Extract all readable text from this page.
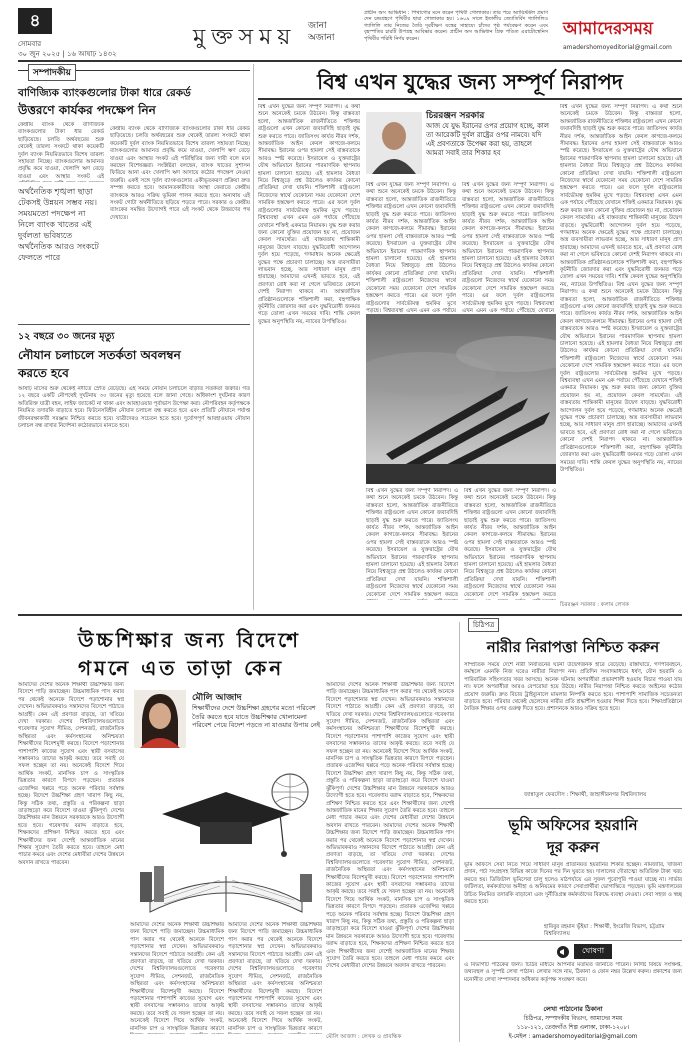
৪
সোমবার
৩০ জুন ২০২৫ | ১৬ আষাঢ় ১৪৩২
মুক্তসময় জানা
অজানা
প্রাচীন অস আভিধান : পিথাগোর মনে করেন পৃথিবী গোলাকার। তার পরে অ্যারিস্টটল প্রমাণ দেন চন্দ্রগ্রহণে পৃথিবীর ছায়া গোলাকার হয়। ১৬০৯ সালে ইতালীয় জ্যোতির্বিদ গ্যালিলিও গ্যালিলি তার নিজের তৈরি দূরবীক্ষণ যন্ত্রের সাহায্যে চাঁদের পৃষ্ঠ পর্যবেক্ষণ করেন এবং বৃহস্পতির চারটি উপগ্রহ আবিষ্কার করেন। প্রাচীন অস আভিধান গ্রিক পণ্ডিত এরাটোস্থেনিস পৃথিবীর পরিধি নির্ণয় করেন।	আমাদেরসময়
amadershomoyeditorial@gmail.com
সম্পাদকীয়
বাণিজ্যিক ব্যাংকগুলোর টাকা ধারে রেকর্ড
উত্তরণে কার্যকর পদক্ষেপ নিন
অর্থনৈতিক শৃঙ্খলা ছাড়া টেকসই উন্নয়ন সম্ভব নয়। সময়মতো পদক্ষেপ না নিলে ব্যাংক খাতের এই দুর্বলতা ভবিষ্যতে অর্থনৈতিক আরও সংকটে ফেলতে পারে
কেন্দ্রীয় ব্যাংক থেকে বাণিজ্যিক ব্যাংকগুলোর টাকা ধার রেকর্ড ছাড়িয়েছে। চলতি অর্থবছরের শুরু থেকেই তারল্য সংকটে থাকা কয়েকটি দুর্বল ব্যাংক নিয়মিতভাবে বিশেষ তারল্য সহায়তা নিচ্ছে। ব্যাংকগুলোর আমানত প্রবৃদ্ধি কমে যাওয়া, খেলাপি ঋণ বেড়ে যাওয়া এবং আস্থার সংকট এই পরিস্থিতির জন্য দায়ী বলে মনে করছেন বিশেষজ্ঞরা। সংশ্লিষ্টরা বলছেন, ব্যাংক খাতের সুশাসন ফিরিয়ে আনা এবং খেলাপি ঋণ আদায়ে কঠোর পদক্ষেপ নেওয়া জরুরি। একই সঙ্গে দুর্বল ব্যাংকগুলোর একীভূতকরণ প্রক্রিয়া দ্রুত সম্পন্ন করতে হবে। আমানতকারীদের আস্থা ফেরাতে কেন্দ্রীয় ব্যাংককে আরও সক্রিয় ভূমিকা পালন করতে হবে। অন্যথায় এই সংকট গোটা অর্থনীতিতে ছড়িয়ে পড়তে পারে। সরকার ও কেন্দ্রীয় ব্যাংকের সমন্বিত উদ্যোগই পারে এই সংকট থেকে উত্তরণের পথ দেখাতে।
কেন্দ্রীয় ব্যাংক থেকে বাণিজ্যিক ব্যাংকগুলোর টাকা ধার রেকর্ড ছাড়িয়েছে। চলতি অর্থবছরের শুরু থেকেই তারল্য সংকটে থাকা কয়েকটি দুর্বল ব্যাংক নিয়মিতভাবে বিশেষ তারল্য সহায়তা নিচ্ছে। ব্যাংকগুলোর আমানত প্রবৃদ্ধি কমে যাওয়া, খেলাপি ঋণ বেড়ে যাওয়া এবং আস্থার সংকট এই
১২ বছরে ৩০ জনের মৃত্যু
নৌযান চলাচলে সতর্কতা অবলম্বন করতে হবে
আষাঢ় মাসের শুরু থেকেই নদীতে স্রোত বেড়েছে। এই সময়ে নৌযান চলাচলে বাড়তি সতর্কতা জরুরি। গত ১২ বছরে একটি নৌপথেই দুর্ঘটনায় ৩০ জনের মৃত্যু হয়েছে বলে জানা গেছে। অধিকাংশ দুর্ঘটনার কারণ অতিরিক্ত যাত্রী বহন, লাইফ জ্যাকেট না থাকা এবং আবহাওয়ার পূর্বাভাস উপেক্ষা করা। নৌপরিবহন কর্তৃপক্ষকে নিয়মিত তদারকি বাড়াতে হবে। ফিটনেসবিহীন নৌযান চলাচল বন্ধ করতে হবে এবং প্রতিটি নৌযানে পর্যাপ্ত জীবনরক্ষাকারী সরঞ্জাম নিশ্চিত করতে হবে। যাত্রীদেরও সচেতন হতে হবে। দুর্যোগপূর্ণ আবহাওয়ায় নৌযান চলাচল বন্ধ রাখার নির্দেশনা কঠোরভাবে মানতে হবে।
বিশ্ব এখন যুদ্ধের জন্য সম্পূর্ণ নিরাপদ
বিশ্ব এখন যুদ্ধের জন্য সম্পূর্ণ নিরাপদ। এ কথা শুনে অনেকেই চমকে উঠবেন। কিন্তু বাস্তবতা হলো, আন্তর্জাতিক রাজনীতিতে শক্তিধর রাষ্ট্রগুলো এখন কোনো জবাবদিহি ছাড়াই যুদ্ধ শুরু করতে পারে। জাতিসংঘ কার্যত নীরব দর্শক, আন্তর্জাতিক আইন কেবল কাগজে-কলমে সীমাবদ্ধ। ইরানের ওপর হামলা সেই বাস্তবতাকে আরও স্পষ্ট করেছে। ইসরায়েল ও যুক্তরাষ্ট্রের যৌথ অভিযানে ইরানের পারমাণবিক স্থাপনায় হামলা চালানো হয়েছে। এই হামলার বৈধতা নিয়ে বিশ্বজুড়ে প্রশ্ন উঠলেও কার্যকর কোনো প্রতিক্রিয়া দেখা যায়নি। শক্তিশালী রাষ্ট্রগুলো নিজেদের স্বার্থে যেকোনো সময় যেকোনো দেশে সামরিক হস্তক্ষেপ করতে পারে। এর ফলে দুর্বল রাষ্ট্রগুলোর সার্বভৌমত্ব হুমকির মুখে পড়ছে। বিশ্বব্যবস্থা এখন এমন এক পর্যায়ে পৌঁছেছে যেখানে শক্তিই একমাত্র নিয়ামক। যুদ্ধ শুরু করার জন্য কোনো যুক্তির প্রয়োজন হয় না, প্রয়োজন কেবল সামর্থ্যের। এই বাস্তবতায় শান্তিকামী মানুষের উদ্বেগ বাড়ছে। যুদ্ধবিরোধী আন্দোলন দুর্বল হয়ে পড়েছে, গণমাধ্যম অনেক ক্ষেত্রেই যুদ্ধের পক্ষে প্রচারণা চালাচ্ছে। অস্ত্র ব্যবসায়ীরা লাভবান হচ্ছে, আর সাধারণ মানুষ প্রাণ হারাচ্ছে। আমাদের এখনই ভাবতে হবে, এই প্রবণতা রোধ করা না গেলে ভবিষ্যতে কোনো দেশই নিরাপদ থাকবে না। আন্তর্জাতিক প্রতিষ্ঠানগুলোকে শক্তিশালী করা, বহুপাক্ষিক কূটনীতি জোরদার করা এবং যুদ্ধবিরোধী জনমত গড়ে তোলা এখন সময়ের দাবি। শান্তি কেবল যুদ্ধের অনুপস্থিতি নয়, ন্যায়ের উপস্থিতিও।
চিররঞ্জন সরকার
আজ যে যুদ্ধ ইরানের ওপর প্রয়োগ হচ্ছে, কাল তা আরেকটি দুর্বল রাষ্ট্রের ওপর নামবে। যদি এই প্রবণতাকে উপেক্ষা করা হয়, তাহলে আমরা সবাই তার শিকার হব
বিশ্ব এখন যুদ্ধের জন্য সম্পূর্ণ নিরাপদ। এ কথা শুনে অনেকেই চমকে উঠবেন। কিন্তু বাস্তবতা হলো, আন্তর্জাতিক রাজনীতিতে শক্তিধর রাষ্ট্রগুলো এখন কোনো জবাবদিহি ছাড়াই যুদ্ধ শুরু করতে পারে। জাতিসংঘ কার্যত নীরব দর্শক, আন্তর্জাতিক আইন কেবল কাগজে-কলমে সীমাবদ্ধ। ইরানের ওপর হামলা সেই বাস্তবতাকে আরও স্পষ্ট করেছে। ইসরায়েল ও যুক্তরাষ্ট্রের যৌথ অভিযানে ইরানের পারমাণবিক স্থাপনায় হামলা চালানো হয়েছে। এই হামলার বৈধতা নিয়ে বিশ্বজুড়ে প্রশ্ন উঠলেও কার্যকর কোনো প্রতিক্রিয়া দেখা যায়নি। শক্তিশালী রাষ্ট্রগুলো নিজেদের স্বার্থে যেকোনো সময় যেকোনো দেশে সামরিক হস্তক্ষেপ করতে পারে। এর ফলে দুর্বল রাষ্ট্রগুলোর সার্বভৌমত্ব হুমকির মুখে পড়ছে। বিশ্বব্যবস্থা এখন এমন এক পর্যায়ে
বিশ্ব এখন যুদ্ধের জন্য সম্পূর্ণ নিরাপদ। এ কথা শুনে অনেকেই চমকে উঠবেন। কিন্তু বাস্তবতা হলো, আন্তর্জাতিক রাজনীতিতে শক্তিধর রাষ্ট্রগুলো এখন কোনো জবাবদিহি ছাড়াই যুদ্ধ শুরু করতে পারে। জাতিসংঘ কার্যত নীরব দর্শক, আন্তর্জাতিক আইন কেবল কাগজে-কলমে সীমাবদ্ধ। ইরানের ওপর হামলা সেই বাস্তবতাকে আরও স্পষ্ট করেছে। ইসরায়েল ও যুক্তরাষ্ট্রের যৌথ অভিযানে ইরানের পারমাণবিক স্থাপনায় হামলা চালানো হয়েছে। এই হামলার বৈধতা নিয়ে বিশ্বজুড়ে প্রশ্ন উঠলেও কার্যকর কোনো প্রতিক্রিয়া দেখা যায়নি। শক্তিশালী রাষ্ট্রগুলো নিজেদের স্বার্থে যেকোনো সময় যেকোনো দেশে সামরিক হস্তক্ষেপ করতে পারে। এর ফলে দুর্বল রাষ্ট্রগুলোর সার্বভৌমত্ব হুমকির মুখে পড়ছে। বিশ্বব্যবস্থা এখন এমন এক পর্যায়ে পৌঁছেছে যেখানে
বিশ্ব এখন যুদ্ধের জন্য সম্পূর্ণ নিরাপদ। এ কথা শুনে অনেকেই চমকে উঠবেন। কিন্তু বাস্তবতা হলো, আন্তর্জাতিক রাজনীতিতে শক্তিধর রাষ্ট্রগুলো এখন কোনো জবাবদিহি ছাড়াই যুদ্ধ শুরু করতে পারে। জাতিসংঘ কার্যত নীরব দর্শক, আন্তর্জাতিক আইন কেবল কাগজে-কলমে সীমাবদ্ধ। ইরানের ওপর হামলা সেই বাস্তবতাকে আরও স্পষ্ট করেছে। ইসরায়েল ও যুক্তরাষ্ট্রের যৌথ অভিযানে ইরানের পারমাণবিক স্থাপনায় হামলা চালানো হয়েছে। এই হামলার বৈধতা নিয়ে বিশ্বজুড়ে প্রশ্ন উঠলেও কার্যকর কোনো প্রতিক্রিয়া দেখা যায়নি। শক্তিশালী রাষ্ট্রগুলো নিজেদের স্বার্থে যেকোনো সময় যেকোনো দেশে সামরিক হস্তক্ষেপ করতে পারে। এর ফলে দুর্বল রাষ্ট্রগুলোর সার্বভৌমত্ব হুমকির মুখে পড়ছে। বিশ্বব্যবস্থা এখন এমন এক পর্যায়ে পৌঁছেছে যেখানে শক্তিই একমাত্র নিয়ামক। যুদ্ধ শুরু করার জন্য কোনো যুক্তির প্রয়োজন হয় না, প্রয়োজন কেবল সামর্থ্যের। এই বাস্তবতায় শান্তিকামী মানুষের উদ্বেগ বাড়ছে। যুদ্ধবিরোধী আন্দোলন দুর্বল হয়ে পড়েছে, গণমাধ্যম অনেক ক্ষেত্রেই যুদ্ধের পক্ষে প্রচারণা চালাচ্ছে। অস্ত্র ব্যবসায়ীরা লাভবান হচ্ছে, আর সাধারণ মানুষ প্রাণ হারাচ্ছে। আমাদের এখনই ভাবতে হবে, এই প্রবণতা রোধ করা না গেলে ভবিষ্যতে কোনো দেশই নিরাপদ থাকবে না। আন্তর্জাতিক প্রতিষ্ঠানগুলোকে শক্তিশালী করা, বহুপাক্ষিক কূটনীতি জোরদার করা এবং যুদ্ধবিরোধী জনমত গড়ে তোলা এখন সময়ের দাবি। শান্তি কেবল যুদ্ধের অনুপস্থিতি নয়, ন্যায়ের উপস্থিতিও। বিশ্ব এখন যুদ্ধের জন্য সম্পূর্ণ নিরাপদ। এ কথা শুনে অনেকেই চমকে উঠবেন। কিন্তু বাস্তবতা হলো, আন্তর্জাতিক রাজনীতিতে শক্তিধর রাষ্ট্রগুলো এখন কোনো জবাবদিহি ছাড়াই যুদ্ধ শুরু করতে পারে। জাতিসংঘ কার্যত নীরব দর্শক, আন্তর্জাতিক আইন কেবল কাগজে-কলমে সীমাবদ্ধ। ইরানের ওপর হামলা সেই বাস্তবতাকে আরও স্পষ্ট করেছে। ইসরায়েল ও যুক্তরাষ্ট্রের যৌথ অভিযানে ইরানের পারমাণবিক স্থাপনায় হামলা চালানো হয়েছে। এই হামলার বৈধতা নিয়ে বিশ্বজুড়ে প্রশ্ন উঠলেও কার্যকর কোনো প্রতিক্রিয়া দেখা যায়নি। শক্তিশালী রাষ্ট্রগুলো নিজেদের স্বার্থে যেকোনো সময় যেকোনো দেশে সামরিক হস্তক্ষেপ করতে পারে। এর ফলে দুর্বল রাষ্ট্রগুলোর সার্বভৌমত্ব হুমকির মুখে পড়ছে। বিশ্বব্যবস্থা এখন এমন এক পর্যায়ে পৌঁছেছে যেখানে শক্তিই একমাত্র নিয়ামক। যুদ্ধ শুরু করার জন্য কোনো যুক্তির প্রয়োজন হয় না, প্রয়োজন কেবল সামর্থ্যের। এই বাস্তবতায় শান্তিকামী মানুষের উদ্বেগ বাড়ছে। যুদ্ধবিরোধী আন্দোলন দুর্বল হয়ে পড়েছে, গণমাধ্যম অনেক ক্ষেত্রেই যুদ্ধের পক্ষে প্রচারণা চালাচ্ছে। অস্ত্র ব্যবসায়ীরা লাভবান হচ্ছে, আর সাধারণ মানুষ প্রাণ হারাচ্ছে। আমাদের এখনই ভাবতে হবে, এই প্রবণতা রোধ করা না গেলে ভবিষ্যতে কোনো দেশই নিরাপদ থাকবে না। আন্তর্জাতিক প্রতিষ্ঠানগুলোকে শক্তিশালী করা, বহুপাক্ষিক কূটনীতি জোরদার করা এবং যুদ্ধবিরোধী জনমত গড়ে তোলা এখন সময়ের দাবি। শান্তি কেবল যুদ্ধের অনুপস্থিতি নয়, ন্যায়ের উপস্থিতিও।
বিশ্ব এখন যুদ্ধের জন্য সম্পূর্ণ নিরাপদ। এ কথা শুনে অনেকেই চমকে উঠবেন। কিন্তু বাস্তবতা হলো, আন্তর্জাতিক রাজনীতিতে শক্তিধর রাষ্ট্রগুলো এখন কোনো জবাবদিহি ছাড়াই যুদ্ধ শুরু করতে পারে। জাতিসংঘ কার্যত নীরব দর্শক, আন্তর্জাতিক আইন কেবল কাগজে-কলমে সীমাবদ্ধ। ইরানের ওপর হামলা সেই বাস্তবতাকে আরও স্পষ্ট করেছে। ইসরায়েল ও যুক্তরাষ্ট্রের যৌথ অভিযানে ইরানের পারমাণবিক স্থাপনায় হামলা চালানো হয়েছে। এই হামলার বৈধতা নিয়ে বিশ্বজুড়ে প্রশ্ন উঠলেও কার্যকর কোনো প্রতিক্রিয়া দেখা যায়নি। শক্তিশালী রাষ্ট্রগুলো নিজেদের স্বার্থে যেকোনো সময় যেকোনো দেশে সামরিক হস্তক্ষেপ করতে
বিশ্ব এখন যুদ্ধের জন্য সম্পূর্ণ নিরাপদ। এ কথা শুনে অনেকেই চমকে উঠবেন। কিন্তু বাস্তবতা হলো, আন্তর্জাতিক রাজনীতিতে শক্তিধর রাষ্ট্রগুলো এখন কোনো জবাবদিহি ছাড়াই যুদ্ধ শুরু করতে পারে। জাতিসংঘ কার্যত নীরব দর্শক, আন্তর্জাতিক আইন কেবল কাগজে-কলমে সীমাবদ্ধ। ইরানের ওপর হামলা সেই বাস্তবতাকে আরও স্পষ্ট করেছে। ইসরায়েল ও যুক্তরাষ্ট্রের যৌথ অভিযানে ইরানের পারমাণবিক স্থাপনায় হামলা চালানো হয়েছে। এই হামলার বৈধতা নিয়ে বিশ্বজুড়ে প্রশ্ন উঠলেও কার্যকর কোনো প্রতিক্রিয়া দেখা যায়নি। শক্তিশালী রাষ্ট্রগুলো নিজেদের স্বার্থে যেকোনো সময় যেকোনো দেশে সামরিক হস্তক্ষেপ করতে
চিররঞ্জন সরকার : কলাম লেখক
উচ্চশিক্ষার জন্য বিদেশে
গমনে এত তাড়া কেন
মৌলি আজাদ
শিক্ষার্থীদের দেশে উচ্চশিক্ষা গ্রহণের মতো পরিবেশ তৈরি করতে হবে যাতে উচ্চশিক্ষার খোলামেলা পরিবেশ পেয়ে বিদেশ পড়তে না যাওয়ার উপায় নেই
আমাদের দেশের অনেক শিক্ষার্থী উচ্চশিক্ষার জন্য বিদেশে পাড়ি জমাচ্ছেন। উচ্চমাধ্যমিক পাস করার পর থেকেই অনেকে বিদেশে পড়াশোনার স্বপ্ন দেখেন। অভিভাবকরাও সন্তানদের বিদেশে পাঠাতে আগ্রহী। কেন এই প্রবণতা বাড়ছে, তা খতিয়ে দেখা দরকার। দেশের বিশ্ববিদ্যালয়গুলোতে গবেষণার সুযোগ সীমিত, সেশনজট, রাজনৈতিক অস্থিরতা এবং কর্মসংস্থানের অনিশ্চয়তা শিক্ষার্থীদের বিদেশমুখী করছে। বিদেশে পড়াশোনার পাশাপাশি কাজের সুযোগ এবং স্থায়ী বসবাসের সম্ভাবনাও তাদের আকৃষ্ট করছে। তবে সবাই যে সফল হচ্ছেন তা নয়। অনেকেই বিদেশে গিয়ে আর্থিক সংকট, মানসিক চাপ ও সাংস্কৃতিক ভিন্নতার কারণে বিপদে পড়ছেন। প্রতারক এজেন্সির খপ্পরে পড়ে অনেক পরিবার সর্বস্বান্ত হচ্ছে। বিদেশে উচ্চশিক্ষা গ্রহণ খারাপ কিছু নয়, কিন্তু সঠিক তথ্য, প্রস্তুতি ও পরিকল্পনা ছাড়া তাড়াহুড়ো করে বিদেশে যাওয়া ঝুঁকিপূর্ণ। দেশের উচ্চশিক্ষার মান উন্নয়নে সরকারকে আরও উদ্যোগী হতে হবে। গবেষণায় বরাদ্দ বাড়াতে হবে, শিক্ষকদের প্রশিক্ষণ নিশ্চিত করতে হবে এবং শিক্ষার্থীদের জন্য দেশেই আন্তর্জাতিক মানের শিক্ষার সুযোগ তৈরি করতে হবে। তাহলে মেধা পাচার কমবে এবং দেশের মেধাবীরা দেশের উন্নয়নে অবদান রাখতে পারবেন।
আমাদের দেশের অনেক শিক্ষার্থী উচ্চশিক্ষার জন্য বিদেশে পাড়ি জমাচ্ছেন। উচ্চমাধ্যমিক পাস করার পর থেকেই অনেকে বিদেশে পড়াশোনার স্বপ্ন দেখেন। অভিভাবকরাও সন্তানদের বিদেশে পাঠাতে আগ্রহী। কেন এই প্রবণতা বাড়ছে, তা খতিয়ে দেখা দরকার। দেশের বিশ্ববিদ্যালয়গুলোতে গবেষণার সুযোগ সীমিত, সেশনজট, রাজনৈতিক অস্থিরতা এবং কর্মসংস্থানের অনিশ্চয়তা শিক্ষার্থীদের বিদেশমুখী করছে। বিদেশে পড়াশোনার পাশাপাশি কাজের সুযোগ এবং স্থায়ী বসবাসের সম্ভাবনাও তাদের আকৃষ্ট করছে। তবে সবাই যে সফল হচ্ছেন তা নয়। অনেকেই বিদেশে গিয়ে আর্থিক সংকট, মানসিক চাপ ও সাংস্কৃতিক ভিন্নতার কারণে বিপদে পড়ছেন। প্রতারক এজেন্সির খপ্পরে পড়ে অনেক পরিবার সর্বস্বান্ত হচ্ছে। বিদেশে উচ্চশিক্ষা গ্রহণ খারাপ কিছু নয়, কিন্তু সঠিক তথ্য, প্রস্তুতি ও পরিকল্পনা ছাড়া তাড়াহুড়ো করে বিদেশে যাওয়া ঝুঁকিপূর্ণ। দেশের উচ্চশিক্ষার মান উন্নয়নে সরকারকে আরও উদ্যোগী হতে হবে। গবেষণায় বরাদ্দ বাড়াতে হবে, শিক্ষকদের প্রশিক্ষণ নিশ্চিত করতে হবে এবং শিক্ষার্থীদের জন্য দেশেই আন্তর্জাতিক মানের শিক্ষার সুযোগ তৈরি করতে হবে। তাহলে মেধা পাচার কমবে এবং দেশের মেধাবীরা দেশের উন্নয়নে অবদান রাখতে পারবেন। আমাদের দেশের অনেক শিক্ষার্থী উচ্চশিক্ষার জন্য বিদেশে পাড়ি জমাচ্ছেন। উচ্চমাধ্যমিক পাস করার পর থেকেই অনেকে বিদেশে পড়াশোনার স্বপ্ন দেখেন। অভিভাবকরাও সন্তানদের বিদেশে পাঠাতে আগ্রহী। কেন এই প্রবণতা বাড়ছে, তা খতিয়ে দেখা দরকার। দেশের বিশ্ববিদ্যালয়গুলোতে গবেষণার সুযোগ সীমিত, সেশনজট, রাজনৈতিক অস্থিরতা এবং কর্মসংস্থানের অনিশ্চয়তা শিক্ষার্থীদের বিদেশমুখী করছে। বিদেশে পড়াশোনার পাশাপাশি কাজের সুযোগ এবং স্থায়ী বসবাসের সম্ভাবনাও তাদের আকৃষ্ট করছে। তবে সবাই যে সফল হচ্ছেন তা নয়। অনেকেই বিদেশে গিয়ে আর্থিক সংকট, মানসিক চাপ ও সাংস্কৃতিক ভিন্নতার কারণে বিপদে পড়ছেন। প্রতারক এজেন্সির খপ্পরে পড়ে অনেক পরিবার সর্বস্বান্ত হচ্ছে। বিদেশে উচ্চশিক্ষা গ্রহণ খারাপ কিছু নয়, কিন্তু সঠিক তথ্য, প্রস্তুতি ও পরিকল্পনা ছাড়া তাড়াহুড়ো করে বিদেশে যাওয়া ঝুঁকিপূর্ণ। দেশের উচ্চশিক্ষার মান উন্নয়নে সরকারকে আরও উদ্যোগী হতে হবে। গবেষণায় বরাদ্দ বাড়াতে হবে, শিক্ষকদের প্রশিক্ষণ নিশ্চিত করতে হবে এবং শিক্ষার্থীদের জন্য দেশেই আন্তর্জাতিক মানের শিক্ষার সুযোগ তৈরি করতে হবে। তাহলে মেধা পাচার কমবে এবং দেশের মেধাবীরা দেশের উন্নয়নে অবদান রাখতে পারবেন।
আমাদের দেশের অনেক শিক্ষার্থী উচ্চশিক্ষার জন্য বিদেশে পাড়ি জমাচ্ছেন। উচ্চমাধ্যমিক পাস করার পর থেকেই অনেকে বিদেশে পড়াশোনার স্বপ্ন দেখেন। অভিভাবকরাও সন্তানদের বিদেশে পাঠাতে আগ্রহী। কেন এই প্রবণতা বাড়ছে, তা খতিয়ে দেখা দরকার। দেশের বিশ্ববিদ্যালয়গুলোতে গবেষণার সুযোগ সীমিত, সেশনজট, রাজনৈতিক অস্থিরতা এবং কর্মসংস্থানের অনিশ্চয়তা শিক্ষার্থীদের বিদেশমুখী করছে। বিদেশে পড়াশোনার পাশাপাশি কাজের সুযোগ এবং স্থায়ী বসবাসের সম্ভাবনাও তাদের আকৃষ্ট করছে। তবে সবাই যে সফল হচ্ছেন তা নয়। অনেকেই বিদেশে গিয়ে আর্থিক সংকট, মানসিক চাপ ও সাংস্কৃতিক ভিন্নতার কারণে
আমাদের দেশের অনেক শিক্ষার্থী উচ্চশিক্ষার জন্য বিদেশে পাড়ি জমাচ্ছেন। উচ্চমাধ্যমিক পাস করার পর থেকেই অনেকে বিদেশে পড়াশোনার স্বপ্ন দেখেন। অভিভাবকরাও সন্তানদের বিদেশে পাঠাতে আগ্রহী। কেন এই প্রবণতা বাড়ছে, তা খতিয়ে দেখা দরকার। দেশের বিশ্ববিদ্যালয়গুলোতে গবেষণার সুযোগ সীমিত, সেশনজট, রাজনৈতিক অস্থিরতা এবং কর্মসংস্থানের অনিশ্চয়তা শিক্ষার্থীদের বিদেশমুখী করছে। বিদেশে পড়াশোনার পাশাপাশি কাজের সুযোগ এবং স্থায়ী বসবাসের সম্ভাবনাও তাদের আকৃষ্ট করছে। তবে সবাই যে সফল হচ্ছেন তা নয়। অনেকেই বিদেশে গিয়ে আর্থিক সংকট, মানসিক চাপ ও সাংস্কৃতিক ভিন্নতার কারণে
মৌলি আজাদ : লেখক ও প্রাবন্ধিক
চিঠিপত্র
নারীর নিরাপত্তা নিশ্চিত করুন
সাম্প্রতিক সময়ে দেশে নারী নির্যাতনের ঘটনা উদ্বেগজনক হারে বেড়েছে। রাস্তাঘাটে, গণপরিবহনে, কর্মস্থলে এমনকি নিজ ঘরেও নারীরা নিরাপদ নন। প্রতিদিন সংবাদমাধ্যমে ধর্ষণ, যৌন হয়রানি ও পারিবারিক সহিংসতার খবর আসছে। অনেক ঘটনায় অপরাধীরা প্রভাবশালী হওয়ায় বিচার পাওয়া যায় না। ফলে অপরাধীরা আরও বেপরোয়া হয়ে উঠছে। নারীর নিরাপত্তা নিশ্চিত করতে আইনের কঠোর প্রয়োগ জরুরি। দ্রুত বিচার ট্রাইব্যুনালে মামলার নিষ্পত্তি করতে হবে। পাশাপাশি সামাজিক সচেতনতা বাড়াতে হবে। পরিবার থেকেই ছেলেদের নারীর প্রতি শ্রদ্ধাশীল হওয়ার শিক্ষা দিতে হবে। শিক্ষাপ্রতিষ্ঠানে নৈতিক শিক্ষার ওপর গুরুত্ব দিতে হবে। প্রশাসনকে আরও সক্রিয় হতে হবে।
জান্নাতুল ফেরদৌস : শিক্ষার্থী, জাহাঙ্গীরনগর বিশ্ববিদ্যালয়
ভূমি অফিসের হয়রানি
দূর করুন
ভূমি অফিসে সেবা নিতে গিয়ে সাধারণ মানুষ প্রতিনিয়ত হয়রানির শিকার হচ্ছেন। নামজারি, খাজনা প্রদান, পর্চা সংগ্রহসহ বিভিন্ন কাজে দিনের পর দিন ঘুরতে হয়। দালালের দৌরাত্ম্যে অতিরিক্ত টাকা খরচ করতে হয়। ডিজিটাল ভূমিসেবা চালু হলেও মাঠপর্যায়ে এর সুফল পুরোপুরি পাওয়া যাচ্ছে না। সার্ভার জটিলতা, কর্মকর্তাদের অনীহা ও অনিয়মের কারণে সেবাপ্রার্থীরা ভোগান্তিতে পড়ছেন। ভূমি মন্ত্রণালয়ের উচিত নিয়মিত তদারকি বাড়ানো এবং দুর্নীতিগ্রস্ত কর্মকর্তাদের বিরুদ্ধে ব্যবস্থা নেওয়া। সেবা সহজ ও স্বচ্ছ করতে হবে।
হাবিবুর রহমান ভূঁইয়া : শিক্ষার্থী, ইংরেজি বিভাগ, চট্টগ্রাম বিশ্ববিদ্যালয়
ঘোষণা
এ বিভাগটি পাঠকের জন্য। চিঠির মাধ্যমে আপনার মতামত জানাতে পারেন। নির্দিষ্ট বিষয়ে সংক্ষিপ্ত, তথ্যবহুল ও সুস্পষ্ট লেখা পাঠান। লেখার সঙ্গে নাম, ঠিকানা ও ফোন নম্বর উল্লেখ করুন। প্রকাশের জন্য মনোনীত লেখা সম্পাদনার অধিকার কর্তৃপক্ষ সংরক্ষণ করে।
লেখা পাঠানোর ঠিকানা
চিঠিপত্র, সম্পাদকীয় বিভাগ, আমাদের সময়
১১৮-১২১, তেজগাঁও শিল্প এলাকা, ঢাকা-১২০৮।
ই-মেইল : amadershomoyeditorial@gmail.com
